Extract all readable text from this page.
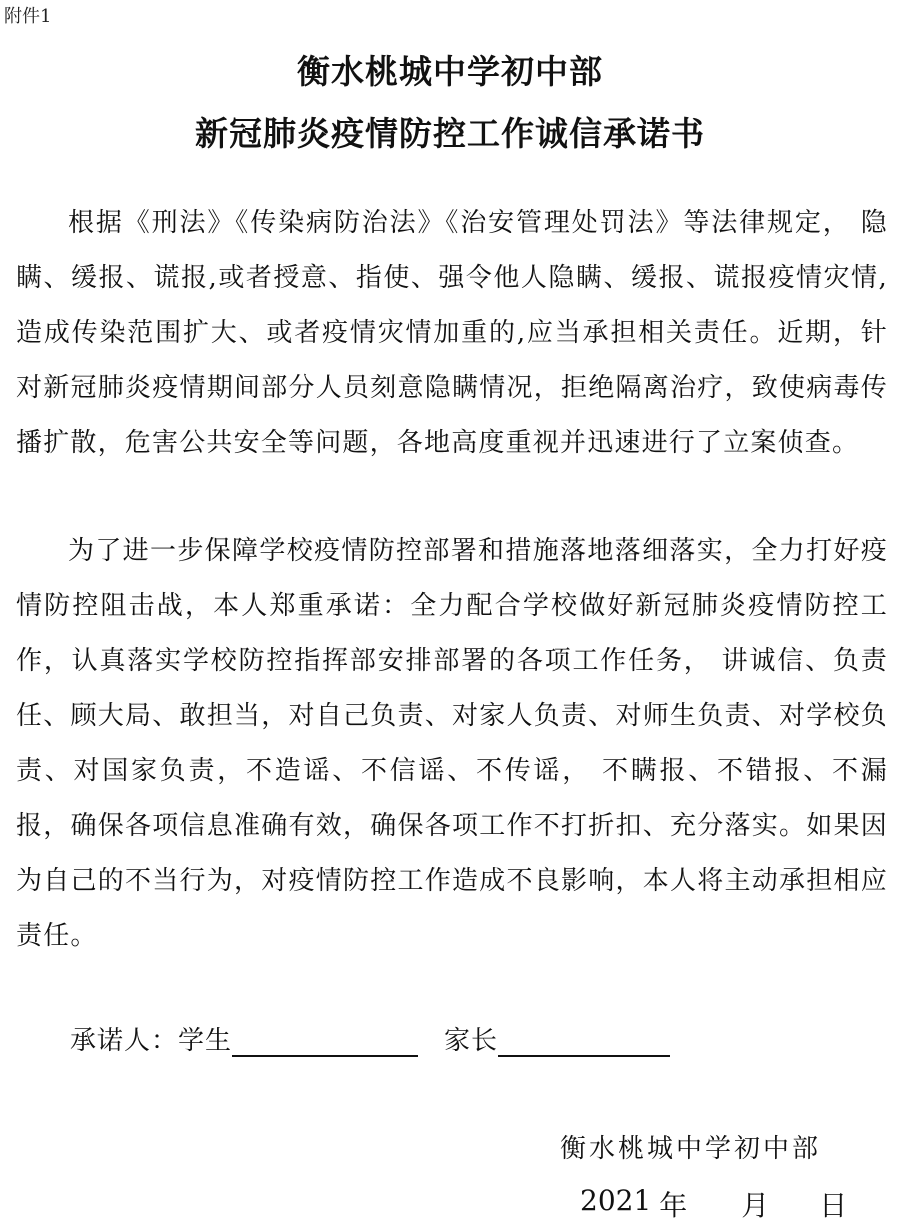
附件1
衡水桃城中学初中部
新冠肺炎疫情防控工作诚信承诺书

根据《刑法》《传染病防治法》《治安管理处罚法》等法律规定， 隐瞒、缓报、谎报,或者授意、指使、强令他人隐瞒、缓报、谎报疫情灾情,造成传染范围扩大、或者疫情灾情加重的,应当承担相关责任。近期，针对新冠肺炎疫情期间部分人员刻意隐瞒情况，拒绝隔离治疗，致使病毒传播扩散，危害公共安全等问题，各地高度重视并迅速进行了立案侦查。

为了进一步保障学校疫情防控部署和措施落地落细落实，全力打好疫情防控阻击战，本人郑重承诺：全力配合学校做好新冠肺炎疫情防控工作，认真落实学校防控指挥部安排部署的各项工作任务， 讲诚信、负责任、顾大局、敢担当，对自己负责、对家人负责、对师生负责、对学校负责、对国家负责，不造谣、不信谣、不传谣， 不瞒报、不错报、不漏报，确保各项信息准确有效，确保各项工作不打折扣、充分落实。如果因为自己的不当行为，对疫情防控工作造成不良影响，本人将主动承担相应责任。

承诺人：学生	家长
衡水桃城中学初中部
2021 年 月 日
